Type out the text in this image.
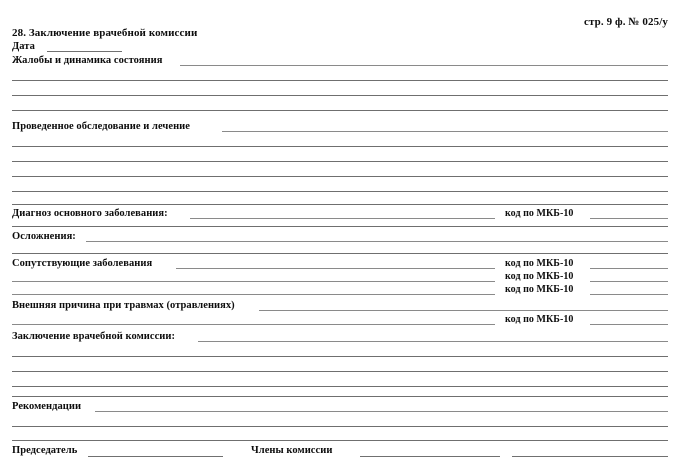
стр. 9 ф. № 025/у
28. Заключение врачебной комиссии
Дата
Жалобы и динамика состояния
Проведенное обследование и лечение
Диагноз основного заболевания:	код по МКБ-10
Осложнения:
Сопутствующие заболевания	код по МКБ-10
код по МКБ-10
код по МКБ-10
Внешняя причина при травмах (отравлениях)
код по МКБ-10
Заключение врачебной комиссии:
Рекомендации
Председатель	Члены комиссии
